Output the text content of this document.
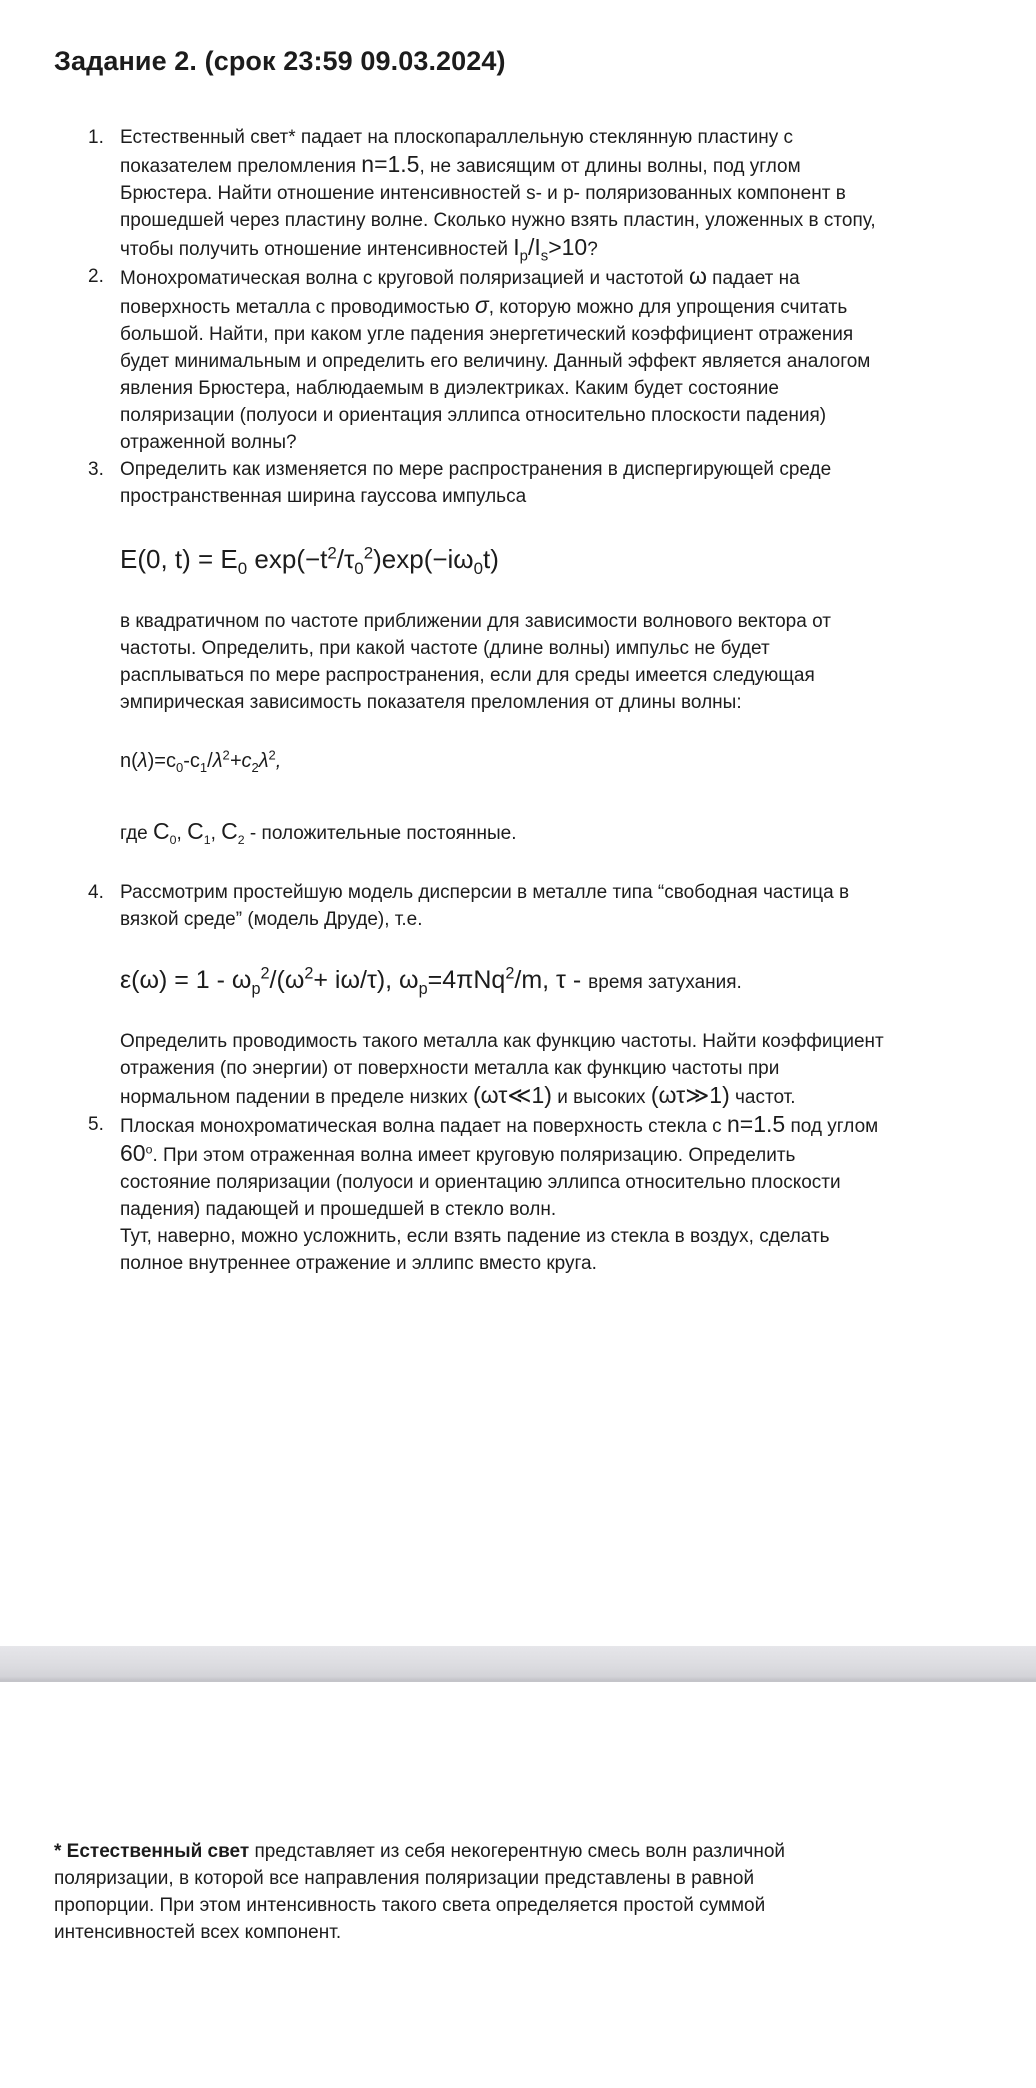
Задание 2. (срок 23:59 09.03.2024)
1. Естественный свет* падает на плоскопараллельную стеклянную пластину с показателем преломления n=1.5, не зависящим от длины волны, под углом Брюстера. Найти отношение интенсивностей s- и p- поляризованных компонент в прошедшей через пластину волне. Сколько нужно взять пластин, уложенных в стопу, чтобы получить отношение интенсивностей $I_p/I_s>10$?

2. Монохроматическая волна с круговой поляризацией и частотой ω падает на поверхность металла с проводимостью σ, которую можно для упрощения считать большой. Найти, при каком угле падения энергетический коэффициент отражения будет минимальным и определить его величину. Данный эффект является аналогом явления Брюстера, наблюдаемым в диэлектриках. Каким будет состояние поляризации (полуоси и ориентация эллипса относительно плоскости падения) отраженной волны?

3. Определить как изменяется по мере распространения в диспергирующей среде пространственная ширина гауссова импульса

E(0, $t) = E_0$ $\exp(-t^2/\tau_0^2)\exp(-i\omega_0t)$

в квадратичном по частоте приближении для зависимости волнового вектора от частоты. Определить, при какой частоте (длине волны) импульс не будет расплываться по мере распространения, если для среды имеется следующая эмпирическая зависимость показателя преломления от длины волны:

$n(\lambda)=c_0-c_1/\lambda^2+c_2\lambda^2$,

где $C_0$, $C_1$, $C_2$ - положительные постоянные.

4. Рассмотрим простейшую модель дисперсии в металле типа “свободная частица в вязкой среде” (модель Друде), т.е.

$\varepsilon(\omega) = 1 - \omega_p^2/(\omega^2+ i\omega/\tau)$, $\omega_p=4\pi Nq^2/m$, τ - время затухания.

Определить проводимость такого металла как функцию частоты. Найти коэффициент отражения (по энергии) от поверхности металла как функцию частоты при нормальном падении в пределе низких (ωτ≪1) и высоких (ωτ≫1) частот.

5. Плоская монохроматическая волна падает на поверхность стекла с n=1.5 под углом 60$^o$. При этом отраженная волна имеет круговую поляризацию. Определить состояние поляризации (полуоси и ориентацию эллипса относительно плоскости падения) падающей и прошедшей в стекло волн.
Тут, наверно, можно усложнить, если взять падение из стекла в воздух, сделать полное внутреннее отражение и эллипс вместо круга.

* Естественный свет представляет из себя некогерентную смесь волн различной поляризации, в которой все направления поляризации представлены в равной пропорции. При этом интенсивность такого света определяется простой суммой интенсивностей всех компонент.
